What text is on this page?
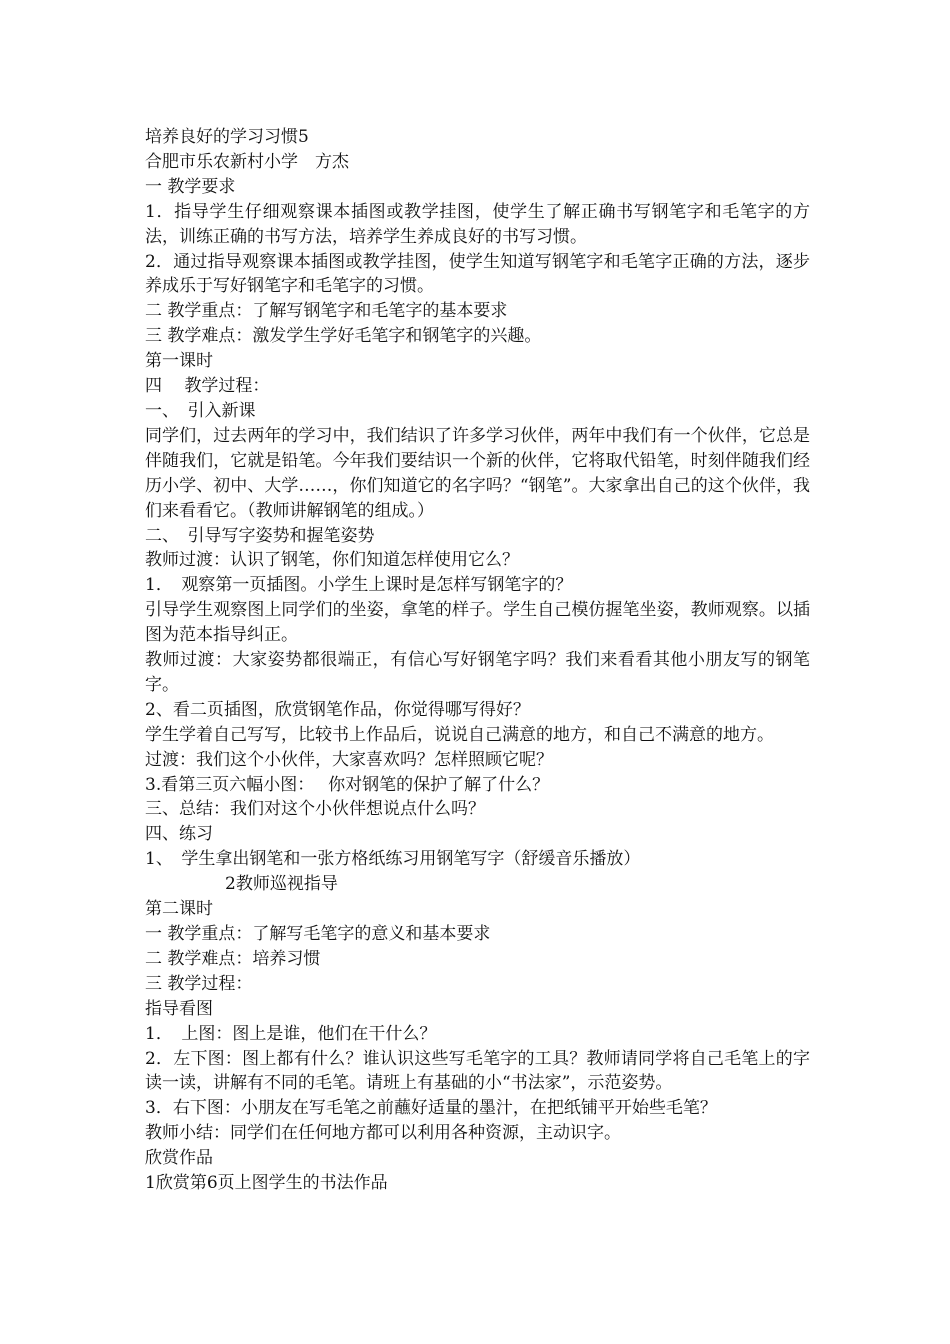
培养良好的学习习惯5

合肥市乐农新村小学　方杰

一 教学要求

1．指导学生仔细观察课本插图或教学挂图，使学生了解正确书写钢笔字和毛笔字的方法，训练正确的书写方法，培养学生养成良好的书写习惯。

2．通过指导观察课本插图或教学挂图，使学生知道写钢笔字和毛笔字正确的方法，逐步养成乐于写好钢笔字和毛笔字的习惯。

二 教学重点：了解写钢笔字和毛笔字的基本要求

三 教学难点：激发学生学好毛笔字和钢笔字的兴趣。

第一课时

四　 教学过程：

一、　引入新课

同学们，过去两年的学习中，我们结识了许多学习伙伴，两年中我们有一个伙伴，它总是伴随我们，它就是铅笔。今年我们要结识一个新的伙伴，它将取代铅笔，时刻伴随我们经历小学、初中、大学……，你们知道它的名字吗？“钢笔”。大家拿出自己的这个伙伴，我们来看看它。（教师讲解钢笔的组成。）

二、　引导写字姿势和握笔姿势

教师过渡：认识了钢笔，你们知道怎样使用它么？

1．　观察第一页插图。小学生上课时是怎样写钢笔字的？

引导学生观察图上同学们的坐姿，拿笔的样子。学生自己模仿握笔坐姿，教师观察。以插图为范本指导纠正。

教师过渡：大家姿势都很端正，有信心写好钢笔字吗？我们来看看其他小朋友写的钢笔字。

2、看二页插图，欣赏钢笔作品，你觉得哪写得好？

学生学着自己写写，比较书上作品后，说说自己满意的地方，和自己不满意的地方。

过渡：我们这个小伙伴，大家喜欢吗？怎样照顾它呢？

3.看第三页六幅小图：　 你对钢笔的保护了解了什么？

三、总结：我们对这个小伙伴想说点什么吗？

四、练习

1、　学生拿出钢笔和一张方格纸练习用钢笔写字（舒缓音乐播放）

2教师巡视指导

第二课时

一 教学重点：了解写毛笔字的意义和基本要求

二 教学难点：培养习惯

三 教学过程：

指导看图

1．　上图：图上是谁，他们在干什么？

2．左下图：图上都有什么？谁认识这些写毛笔字的工具？教师请同学将自己毛笔上的字读一读，讲解有不同的毛笔。请班上有基础的小“书法家”，示范姿势。

3．右下图：小朋友在写毛笔之前蘸好适量的墨汁，在把纸铺平开始些毛笔？

教师小结：同学们在任何地方都可以利用各种资源，主动识字。

欣赏作品

1欣赏第6页上图学生的书法作品
